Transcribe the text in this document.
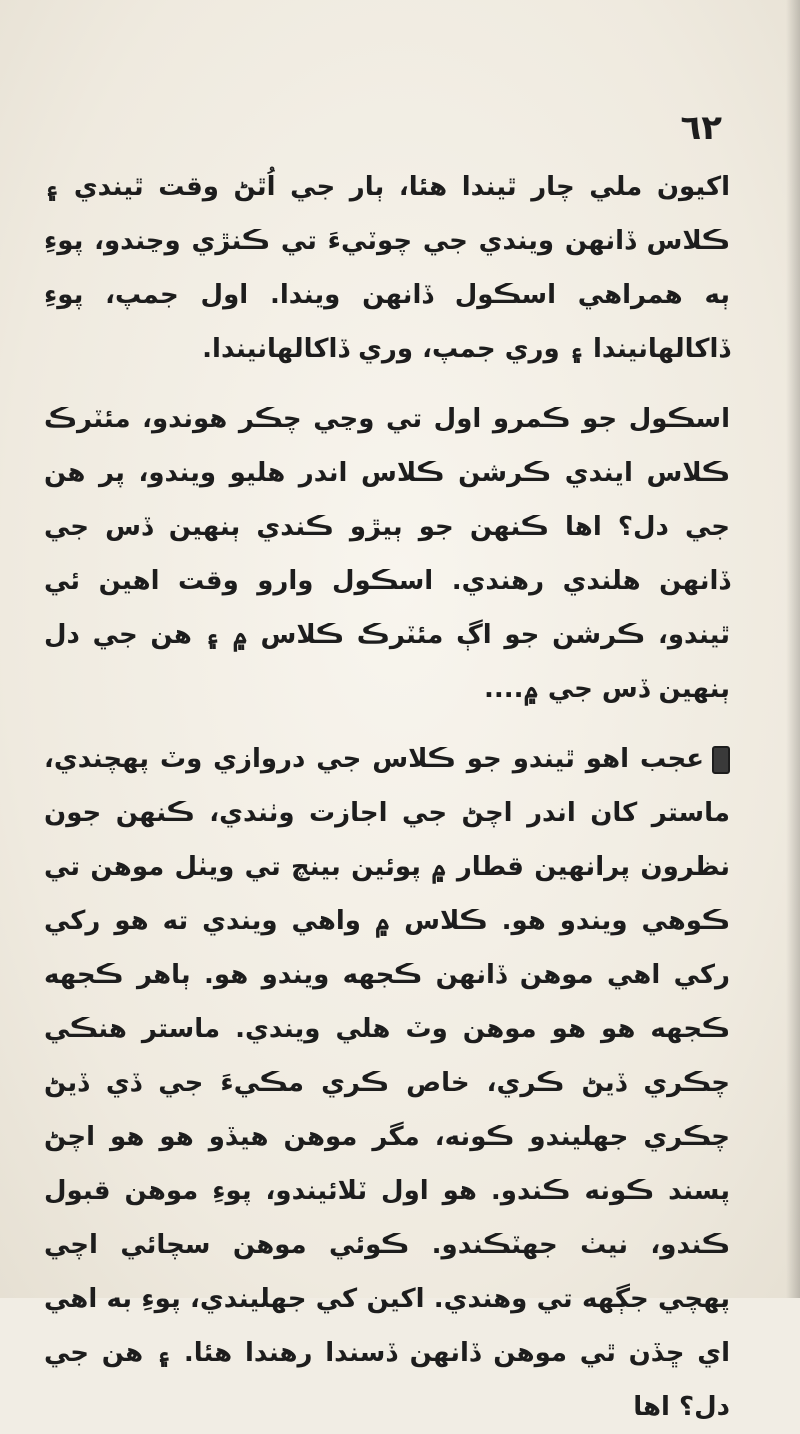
٦٢

اکيون ملي چار ٿيندا هئا، ٻار جي اُٿڻ وقت ٿيندي ۽ ڪلاس ڏانهن ويندي جي چوٽيءَ تي ڪنڙي وڃندو، پوءِ ٻه همراهي اسڪول ڏانهن ويندا. اول جمپ، پوءِ ڏاکالهانيندا ۽ وري جمپ، وري ڏاکالهانيندا.

اسڪول جو ڪمرو اول تي وڃي چڪر هوندو، مئٽرڪ ڪلاس ايندي ڪرشن ڪلاس اندر هليو ويندو، پر هن جي دل؟ اها ڪنهن جو ٻيڙو ڪندي ٻنهين ڏس جي ڏانهن هلندي رهندي. اسڪول وارو وقت اهين ئي ٿيندو، ڪرشن جو اڳ مئٽرڪ ڪلاس ۾ ۽ هن جي دل ٻنهين ڏس جي ۾....

عجب اهو ٿيندو جو ڪلاس جي دروازي وٽ پهچندي، ماستر کان اندر اچڻ جي اجازت وٺندي، ڪنهن جون نظرون پرانهين قطار ۾ پوئين بينچ تي ويٺل موهن تي ڪوهي ويندو هو. ڪلاس ۾ واهي ويندي ته هو رکي رکي اهي موهن ڏانهن ڪجهه ويندو هو. ٻاهر ڪجهه ڪجهه هو هو موهن وٽ هلي ويندي. ماستر هنڪي چڪري ڏيڻ ڪري، خاص ڪري مڪيءَ جي ڏي ڏيڻ چڪري جهليندو ڪونه، مگر موهن هيڏو هو هو اچڻ پسند ڪونه ڪندو. هو اول ٽلائيندو، پوءِ موهن قبول ڪندو، نيٺ جهٽڪندو. ڪوئي موهن سچائي اچي پهچي جڳهه تي وهندي. اکين کي جهليندي، پوءِ به اهي اي ڇڏن ٿي موهن ڏانهن ڏسندا رهندا هئا. ۽ هن جي دل؟ اها
